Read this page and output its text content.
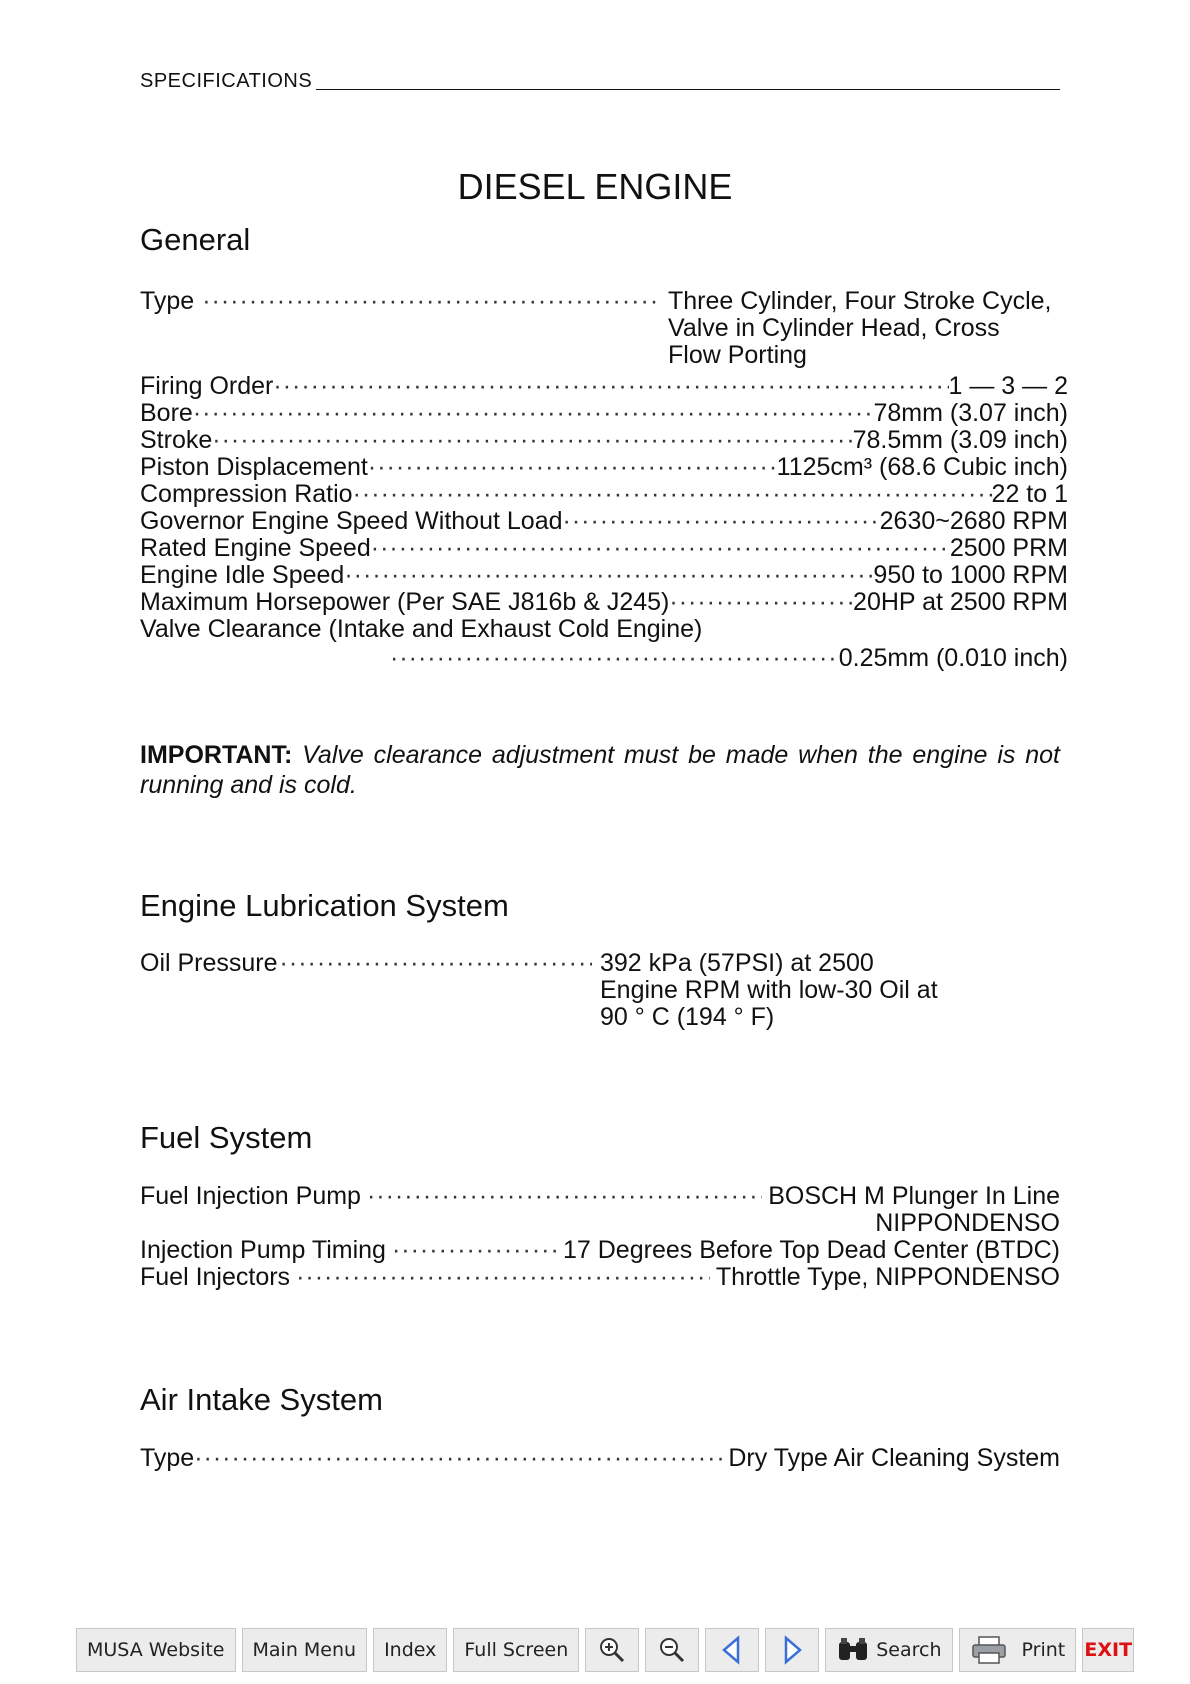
SPECIFICATIONS
DIESEL ENGINE
General
Type ·····	Three Cylinder, Four Stroke Cycle,
Valve in Cylinder Head, Cross
Flow Porting
Firing Order ·····	1 — 3 — 2
Bore ·····	78mm (3.07 inch)
Stroke ·····	78.5mm (3.09 inch)
Piston Displacement ·····	1125cm³ (68.6 Cubic inch)
Compression Ratio ·····	22 to 1
Governor Engine Speed Without Load ·····	2630~2680 RPM
Rated Engine Speed ·····	2500 PRM
Engine Idle Speed ·····	950 to 1000 RPM
Maximum Horsepower (Per SAE J816b & J245) ·····	20HP at 2500 RPM
Valve Clearance (Intake and Exhaust Cold Engine)
·····
0.25mm (0.010 inch)
IMPORTANT: Valve clearance adjustment must be made when the engine is not running and is cold.
Engine Lubrication System
Oil Pressure ·····	392 kPa (57PSI) at 2500
Engine RPM with low-30 Oil at
90 ° C (194 ° F)
Fuel System
Fuel Injection Pump ·····	BOSCH M Plunger In Line
NIPPONDENSO
Injection Pump Timing ·····	17 Degrees Before Top Dead Center (BTDC)
Fuel Injectors ·····	Throttle Type, NIPPONDENSO
Air Intake System
Type ·····	Dry Type Air Cleaning System
MUSA Website	Main Menu	Index	Full Screen	Search	Print EXIT
